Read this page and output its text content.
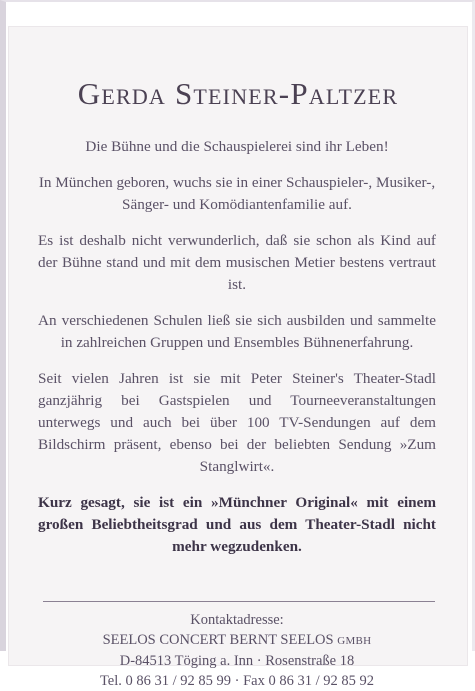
Gerda Steiner-Paltzer

Die Bühne und die Schauspielerei sind ihr Leben!

In München geboren, wuchs sie in einer Schauspieler-, Musiker-, Sänger- und Komödiantenfamilie auf.

Es ist deshalb nicht verwunderlich, daß sie schon als Kind auf der Bühne stand und mit dem musischen Metier bestens vertraut ist.

An verschiedenen Schulen ließ sie sich ausbilden und sammelte in zahlreichen Gruppen und Ensembles Bühnenerfahrung.

Seit vielen Jahren ist sie mit Peter Steiner's Theater-Stadl ganzjährig bei Gastspielen und Tourneeveranstaltungen unterwegs und auch bei über 100 TV-Sendungen auf dem Bildschirm präsent, ebenso bei der beliebten Sendung »Zum Stanglwirt«.

Kurz gesagt, sie ist ein »Münchner Original« mit einem großen Beliebtheitsgrad und aus dem Theater-Stadl nicht mehr wegzudenken.

Kontaktadresse:
SEELOS CONCERT BERNT SEELOS GMBH
D-84513 Töging a. Inn · Rosenstraße 18
Tel. 0 86 31 / 92 85 99 · Fax 0 86 31 / 92 85 92
